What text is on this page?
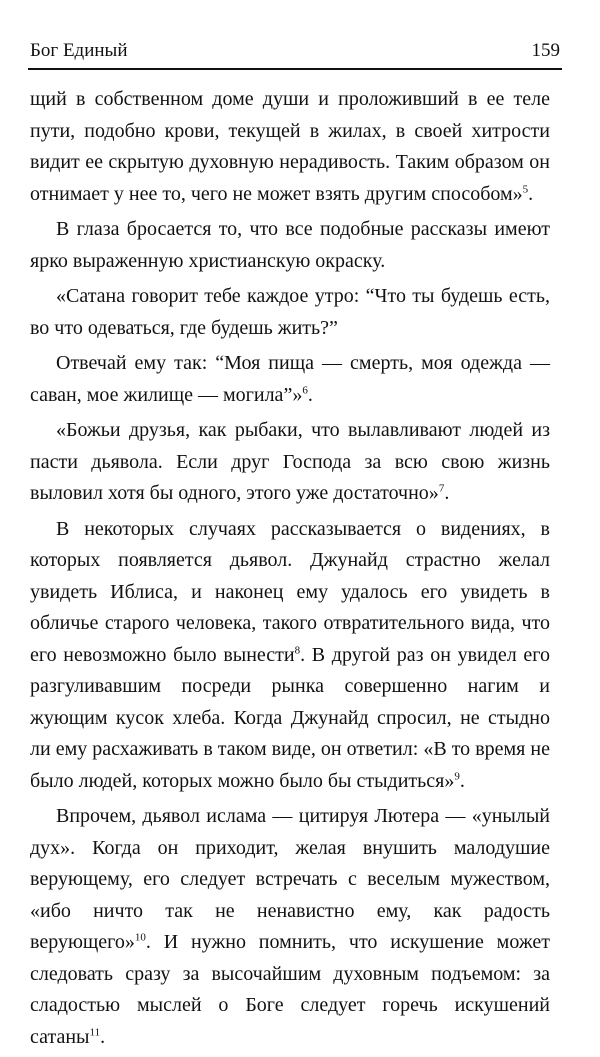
Бог Единый	159

щий в собственном доме души и проложивший в ее теле пути, подобно крови, текущей в жилах, в своей хитрости видит ее скрытую духовную нерадивость. Таким образом он отнимает у нее то, чего не может взять другим способом»$^5$.

В глаза бросается то, что все подобные рассказы имеют ярко выраженную христианскую окраску.

«Сатана говорит тебе каждое утро: “Что ты будешь есть, во что одеваться, где будешь жить?”

Отвечай ему так: “Моя пища — смерть, моя одежда — саван, мое жилище — могила”»$^6$.

«Божьи друзья, как рыбаки, что вылавливают людей из пасти дьявола. Если друг Господа за всю свою жизнь выловил хотя бы одного, этого уже достаточно»$^7$.

В некоторых случаях рассказывается о видениях, в которых появляется дьявол. Джунайд страстно желал увидеть Иблиса, и наконец ему удалось его увидеть в обличье старого человека, такого отвратительного вида, что его невозможно было вынести$^8$. В другой раз он увидел его разгуливавшим посреди рынка совершенно нагим и жующим кусок хлеба. Когда Джунайд спросил, не стыдно ли ему расхаживать в таком виде, он ответил: «В то время не было людей, которых можно было бы стыдиться»$^9$.

Впрочем, дьявол ислама — цитируя Лютера — «унылый дух». Когда он приходит, желая внушить малодушие верующему, его следует встречать с веселым мужеством, «ибо ничто так не ненавистно ему, как радость верующего»$^{10}$. И нужно помнить, что искушение может следовать сразу за высочайшим духовным подъемом: за сладостью мыслей о Боге следует горечь искушений сатаны$^{11}$.
